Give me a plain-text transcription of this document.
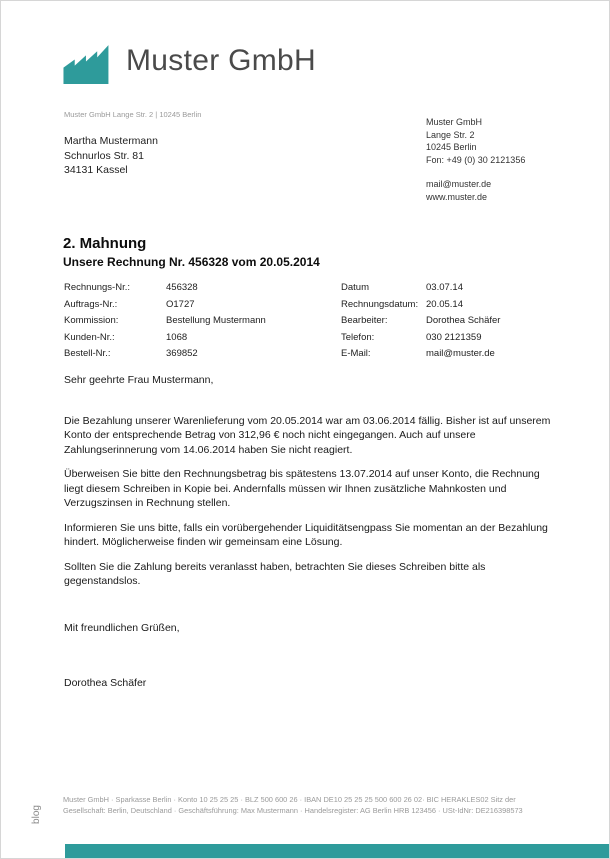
Muster GmbH
Muster GmbH Lange Str. 2 | 10245 Berlin
Martha Mustermann
Schnurlos Str. 81
34131 Kassel
Muster GmbH
Lange Str. 2
10245 Berlin
Fon: +49 (0) 30 2121356
mail@muster.de
www.muster.de
2. Mahnung
Unsere Rechnung Nr. 456328 vom 20.05.2014
Rechnungs-Nr.:	456328	Datum	03.07.14
Auftrags-Nr.:	O1727	Rechnungsdatum: 20.05.14
Kommission:	Bestellung Mustermann	Bearbeiter:	Dorothea Schäfer
Kunden-Nr.:	1068	Telefon:	030 2121359
Bestell-Nr.:	369852	E-Mail:	mail@muster.de
Sehr geehrte Frau Mustermann,

Die Bezahlung unserer Warenlieferung vom 20.05.2014 war am 03.06.2014 fällig. Bisher ist auf unserem Konto der entsprechende Betrag von 312,96 € noch nicht eingegangen. Auch auf unsere Zahlungserinnerung vom 14.06.2014 haben Sie nicht reagiert.

Überweisen Sie bitte den Rechnungsbetrag bis spätestens 13.07.2014 auf unser Konto, die Rechnung liegt diesem Schreiben in Kopie bei. Andernfalls müssen wir Ihnen zusätzliche Mahnkosten und Verzugszinsen in Rechnung stellen.

Informieren Sie uns bitte, falls ein vorübergehender Liquiditätsengpass Sie momentan an der Bezahlung hindert. Möglicherweise finden wir gemeinsam eine Lösung.

Sollten Sie die Zahlung bereits veranlasst haben, betrachten Sie dieses Schreiben bitte als gegenstandslos.

Mit freundlichen Grüßen,
Dorothea Schäfer
Muster GmbH · Sparkasse Berlin · Konto 10 25 25 25 · BLZ 500 600 26 · IBAN DE10 25 25 25 500 600 26 02· BIC HERAKLES02 Sitz der Gesellschaft: Berlin, Deutschland · Geschäftsführung: Max Mustermann · Handelsregister: AG Berlin HRB 123456 · USt-IdNr: DE216398573
blog
